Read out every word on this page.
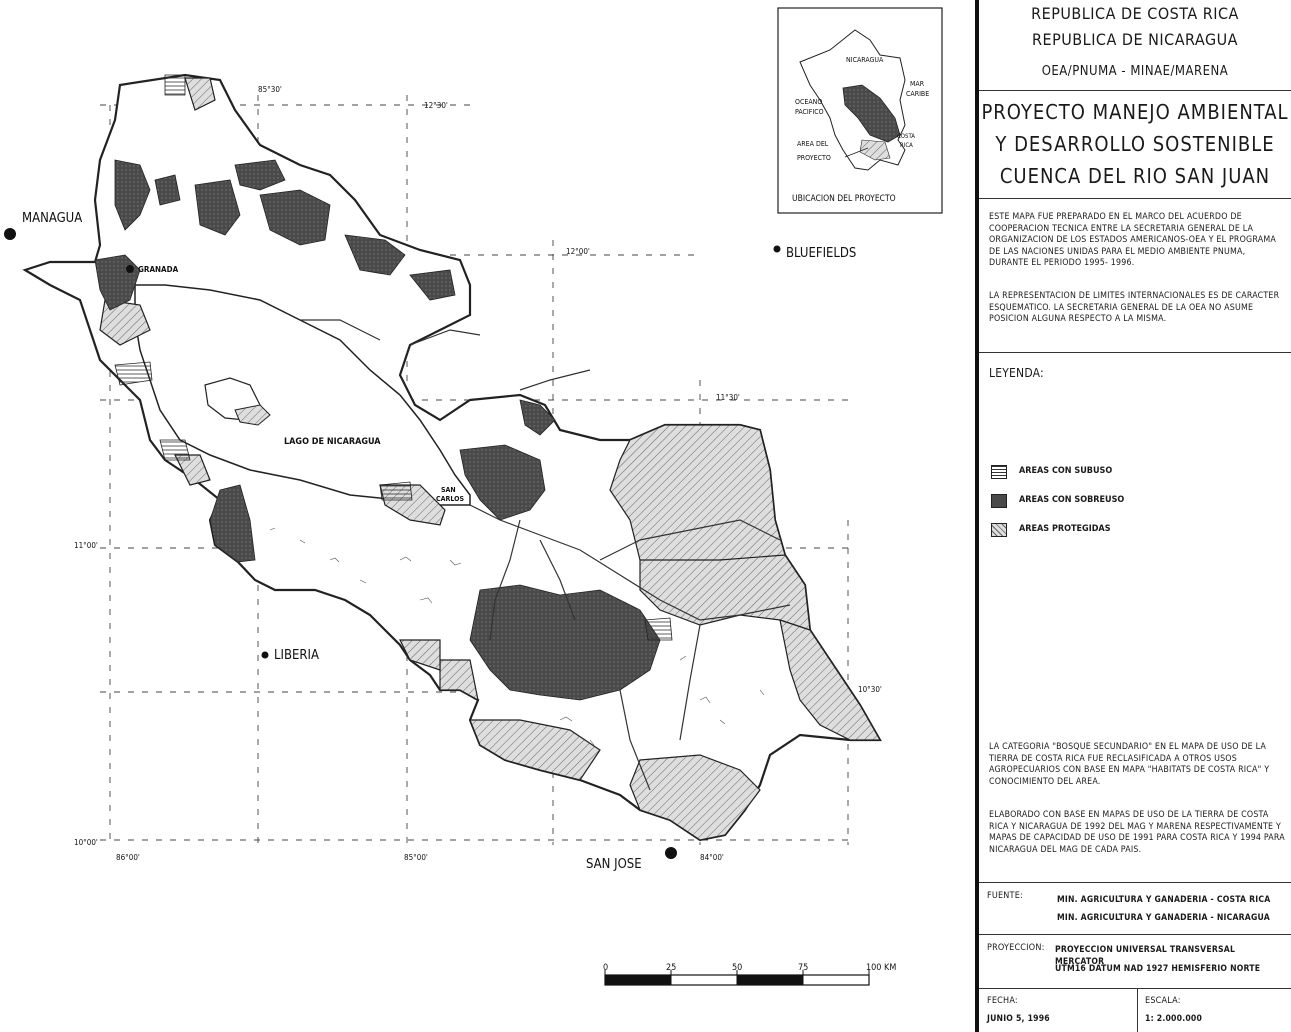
MANAGUA
GRANADA
BLUEFIELDS
LIBERIA
SAN JOSE
LAGO DE NICARAGUA
SAN
CARLOS
85°30'
12°30'
12°00'
11°30'
11°00'
10°30'
10°00'
86°00'	85°00'	84°00'
NICARAGUA
MAR
CARIBE
OCEANO
PACIFICO
AREA DEL
PROYECTO
COSTA
RICA
UBICACION DEL PROYECTO
0	25	50	75	100 KM
REPUBLICA DE COSTA RICA
REPUBLICA DE NICARAGUA
OEA/PNUMA - MINAE/MARENA
PROYECTO MANEJO AMBIENTAL
Y DESARROLLO SOSTENIBLE
CUENCA DEL RIO SAN JUAN
ESTE MAPA FUE PREPARADO EN EL MARCO DEL ACUERDO DE COOPERACION TECNICA ENTRE LA SECRETARIA GENERAL DE LA ORGANIZACION DE LOS ESTADOS AMERICANOS-OEA Y EL PROGRAMA DE LAS NACIONES UNIDAS PARA EL MEDIO AMBIENTE PNUMA, DURANTE EL PERIODO 1995- 1996.
LA REPRESENTACION DE LIMITES INTERNACIONALES ES DE CARACTER ESQUEMATICO. LA SECRETARIA GENERAL DE LA OEA NO ASUME POSICION ALGUNA RESPECTO A LA MISMA.
LEYENDA:
AREAS CON SUBUSO
AREAS CON SOBREUSO
AREAS PROTEGIDAS
LA CATEGORIA "BOSQUE SECUNDARIO" EN EL MAPA DE USO DE LA TIERRA DE COSTA RICA FUE RECLASIFICADA A OTROS USOS AGROPECUARIOS CON BASE EN MAPA "HABITATS DE COSTA RICA" Y CONOCIMIENTO DEL AREA.
ELABORADO CON BASE EN MAPAS DE USO DE LA TIERRA DE COSTA RICA Y NICARAGUA DE 1992 DEL MAG Y MARENA RESPECTIVAMENTE Y MAPAS DE CAPACIDAD DE USO DE 1991 PARA COSTA RICA Y 1994 PARA NICARAGUA DEL MAG DE CADA PAIS.
FUENTE:	MIN. AGRICULTURA Y GANADERIA - COSTA RICA
MIN. AGRICULTURA Y GANADERIA - NICARAGUA
PROYECCION:	PROYECCION UNIVERSAL TRANSVERSAL MERCATOR
UTM16 DATUM NAD 1927 HEMISFERIO NORTE
FECHA:
JUNIO 5, 1996
ESCALA:
1: 2.000.000
